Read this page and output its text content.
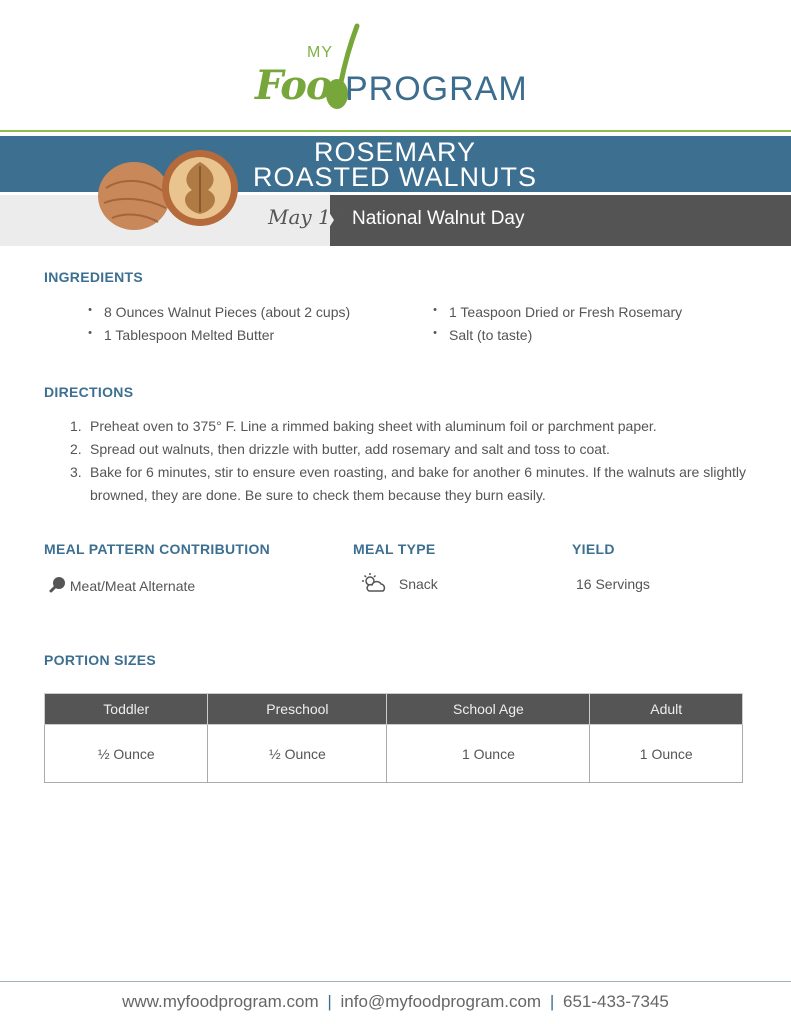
MY
Foo PROGRAM
ROSEMARY
ROASTED WALNUTS
May 17 National Walnut Day
INGREDIENTS
• 8 Ounces Walnut Pieces (about 2 cups)
• 1 Tablespoon Melted Butter
• 1 Teaspoon Dried or Fresh Rosemary
• Salt (to taste)
DIRECTIONS
1. Preheat oven to 375° F. Line a rimmed baking sheet with aluminum foil or parchment paper.
2. Spread out walnuts, then drizzle with butter, add rosemary and salt and toss to coat.
3. Bake for 6 minutes, stir to ensure even roasting, and bake for another 6 minutes. If the walnuts are slightly browned, they are done. Be sure to check them because they burn easily.
MEAL PATTERN CONTRIBUTION	MEAL TYPE	YIELD
Meat/Meat Alternate	Snack	16 Servings
PORTION SIZES
Toddler	Preschool	School Age	Adult
½ Ounce	½ Ounce	1 Ounce	1 Ounce
www.myfoodprogram.com | info@myfoodprogram.com | 651-433-7345
